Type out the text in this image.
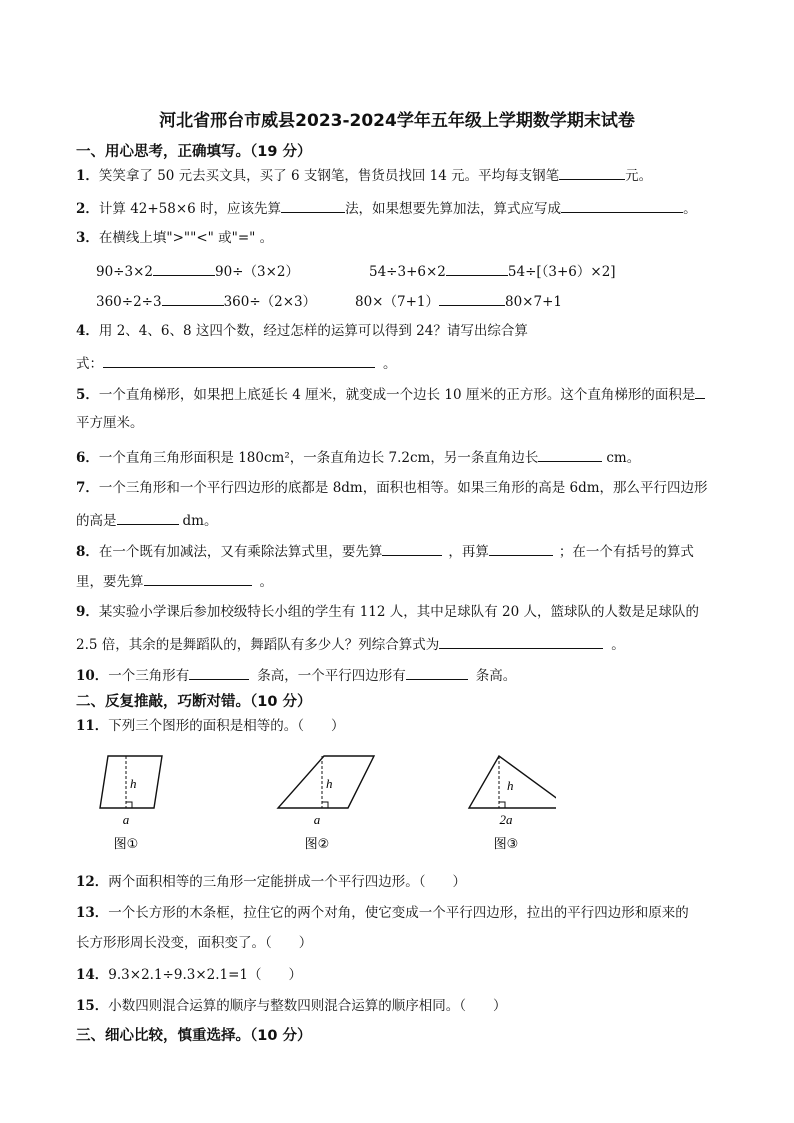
河北省邢台市威县2023-2024学年五年级上学期数学期末试卷
一、用心思考，正确填写。（19 分）
1．笑笑拿了 50 元去买文具，买了 6 支钢笔，售货员找回 14 元。平均每支钢笔	元。
2．计算 42+58×6 时，应该先算	法，如果想要先算加法，算式应写成	。
3．在横线上填">""<" 或"=" 。
90÷3×2	90÷（3×2）	54÷3+6×2	54÷[（3+6）×2]
360÷2÷3	360÷（2×3）	80×（7+1）	80×7+1
4．用 2、4、6、8 这四个数，经过怎样的运算可以得到 24？请写出综合算
式：	。
5．一个直角梯形，如果把上底延长 4 厘米，就变成一个边长 10 厘米的正方形。这个直角梯形的面积是
平方厘米。
6．一个直角三角形面积是 180cm²，一条直角边长 7.2cm，另一条直角边长	cm。
7．一个三角形和一个平行四边形的底都是 8dm，面积也相等。如果三角形的高是 6dm，那么平行四边形
的高是	dm。
8．在一个既有加减法，又有乘除法算式里，要先算	，再算	；在一个有括号的算式
里，要先算	。
9．某实验小学课后参加校级特长小组的学生有 112 人，其中足球队有 20 人，篮球队的人数是足球队的
2.5 倍，其余的是舞蹈队的，舞蹈队有多少人？列综合算式为	。
10．一个三角形有	条高，一个平行四边形有	条高。
二、反复推敲，巧断对错。（10 分）
11．下列三个图形的面积是相等的。（　　）
h
a
图①
h
a
图②
h
2a
图③
12．两个面积相等的三角形一定能拼成一个平行四边形。（　　）
13．一个长方形的木条框，拉住它的两个对角，使它变成一个平行四边形，拉出的平行四边形和原来的
长方形形周长没变，面积变了。（　　）
14．9.3×2.1÷9.3×2.1=1（　　）
15．小数四则混合运算的顺序与整数四则混合运算的顺序相同。（　　）
三、细心比较，慎重选择。（10 分）
